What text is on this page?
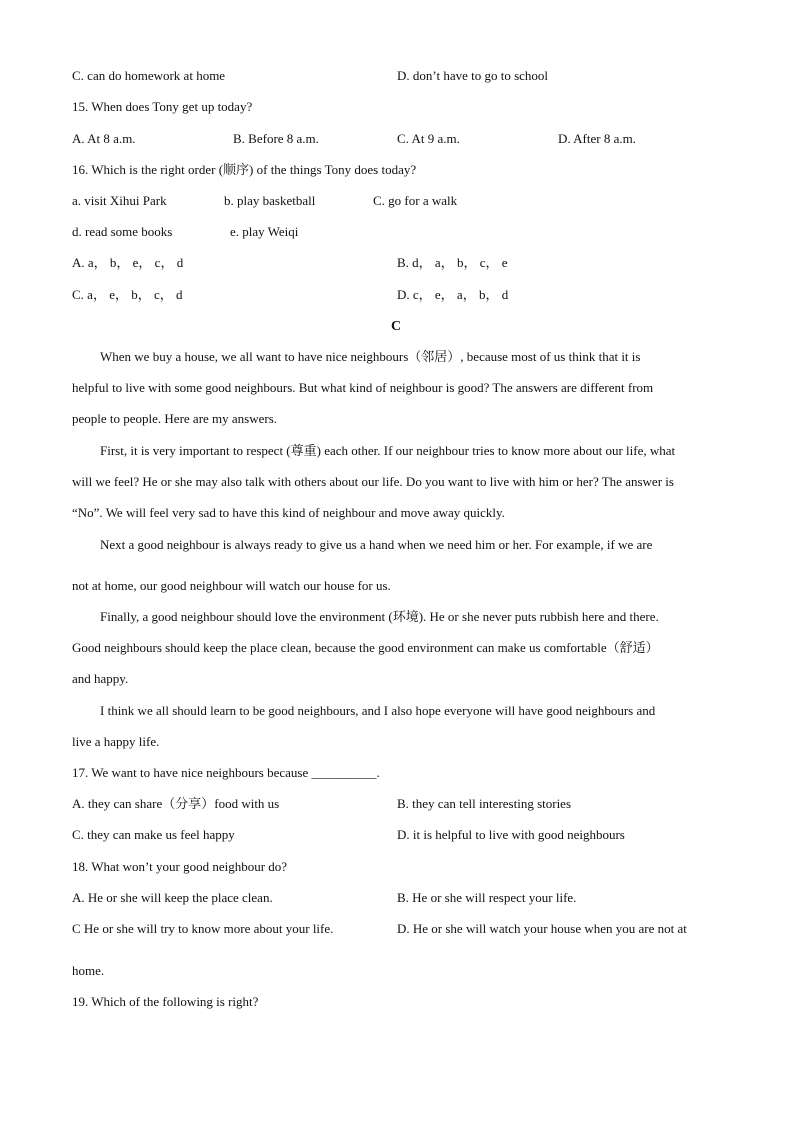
C. can do homework at home	D. don’t have to go to school
15. When does Tony get up today?
A. At 8 a.m.	B. Before 8 a.m.	C. At 9 a.m.	D. After 8 a.m.
16. Which is the right order (顺序) of the things Tony does today?
a. visit Xihui Park	b. play basketball	C. go for a walk
d. read some books	e. play Weiqi
A. a， b， e， c， d	B. d， a， b， c， e
C. a， e， b， c， d	D. c， e， a， b， d
C
When we buy a house, we all want to have nice neighbours（邻居）, because most of us think that it is
helpful to live with some good neighbours. But what kind of neighbour is good? The answers are different from
people to people. Here are my answers.
First, it is very important to respect (尊重) each other. If our neighbour tries to know more about our life, what
will we feel? He or she may also talk with others about our life. Do you want to live with him or her? The answer is
“No”. We will feel very sad to have this kind of neighbour and move away quickly.
Next a good neighbour is always ready to give us a hand when we need him or her. For example, if we are
not at home, our good neighbour will watch our house for us.
Finally, a good neighbour should love the environment (环境). He or she never puts rubbish here and there.
Good neighbours should keep the place clean, because the good environment can make us comfortable（舒适）
and happy.
I think we all should learn to be good neighbours, and I also hope everyone will have good neighbours and
live a happy life.
17. We want to have nice neighbours because __________.
A. they can share（分享）food with us	B. they can tell interesting stories
C. they can make us feel happy	D. it is helpful to live with good neighbours
18. What won’t your good neighbour do?
A. He or she will keep the place clean.	B. He or she will respect your life.
C He or she will try to know more about your life.	D. He or she will watch your house when you are not at
home.
19. Which of the following is right?
